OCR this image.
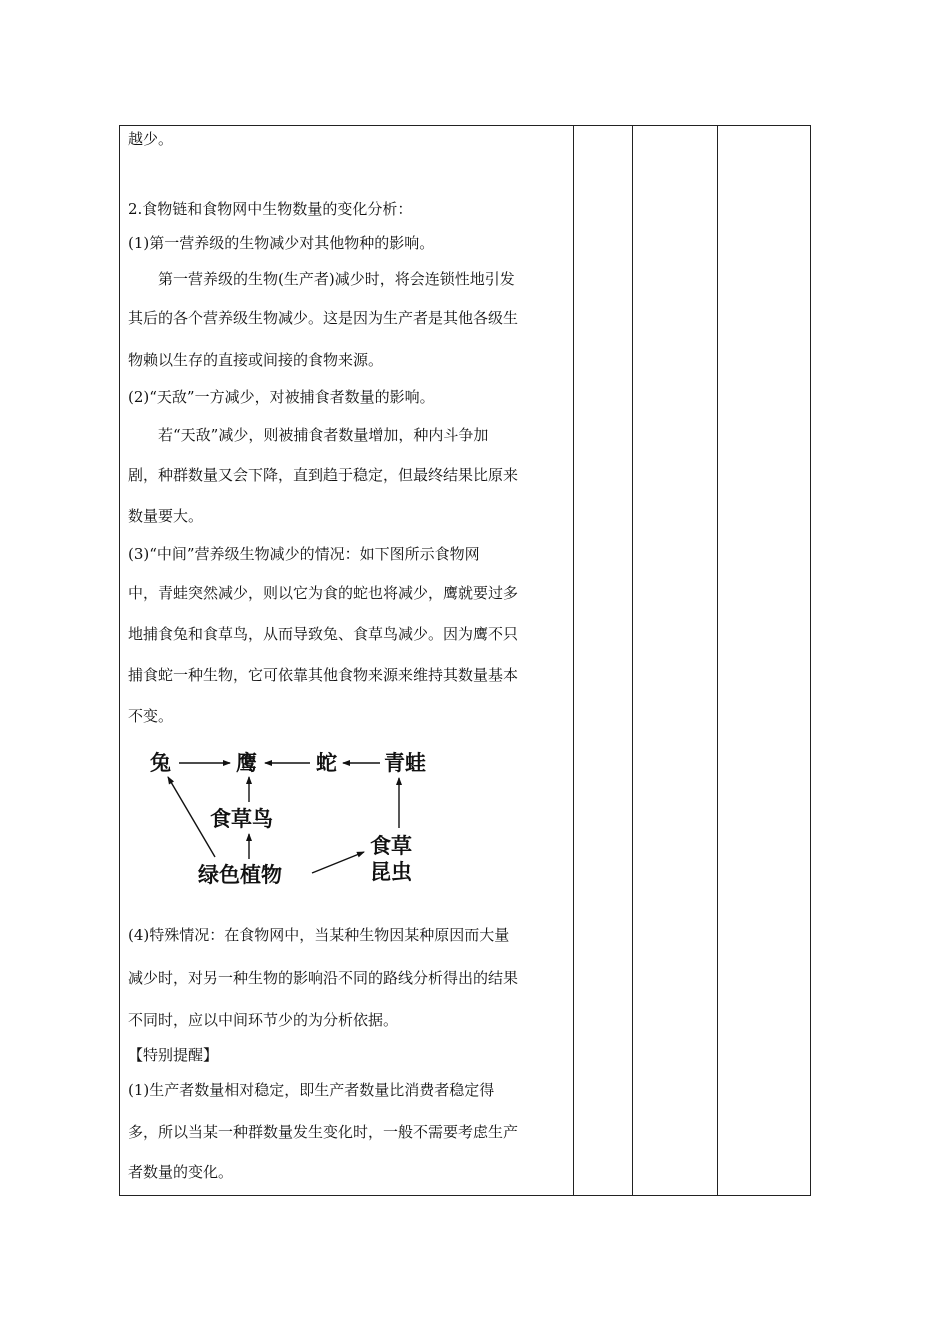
越少。
2.食物链和食物网中生物数量的变化分析：
(1)第一营养级的生物减少对其他物种的影响。
第一营养级的生物(生产者)减少时，将会连锁性地引发
其后的各个营养级生物减少。这是因为生产者是其他各级生
物赖以生存的直接或间接的食物来源。
(2)“天敌”一方减少，对被捕食者数量的影响。
若“天敌”减少，则被捕食者数量增加，种内斗争加
剧，种群数量又会下降，直到趋于稳定，但最终结果比原来
数量要大。
(3)“中间”营养级生物减少的情况：如下图所示食物网
中，青蛙突然减少，则以它为食的蛇也将减少，鹰就要过多
地捕食兔和食草鸟，从而导致兔、食草鸟减少。因为鹰不只
捕食蛇一种生物，它可依靠其他食物来源来维持其数量基本
不变。
兔	鹰	蛇 青蛙
食草鸟
食草
昆虫
绿色植物
(4)特殊情况：在食物网中，当某种生物因某种原因而大量
减少时，对另一种生物的影响沿不同的路线分析得出的结果
不同时，应以中间环节少的为分析依据。
【特别提醒】
(1)生产者数量相对稳定，即生产者数量比消费者稳定得
多，所以当某一种群数量发生变化时，一般不需要考虑生产
者数量的变化。
